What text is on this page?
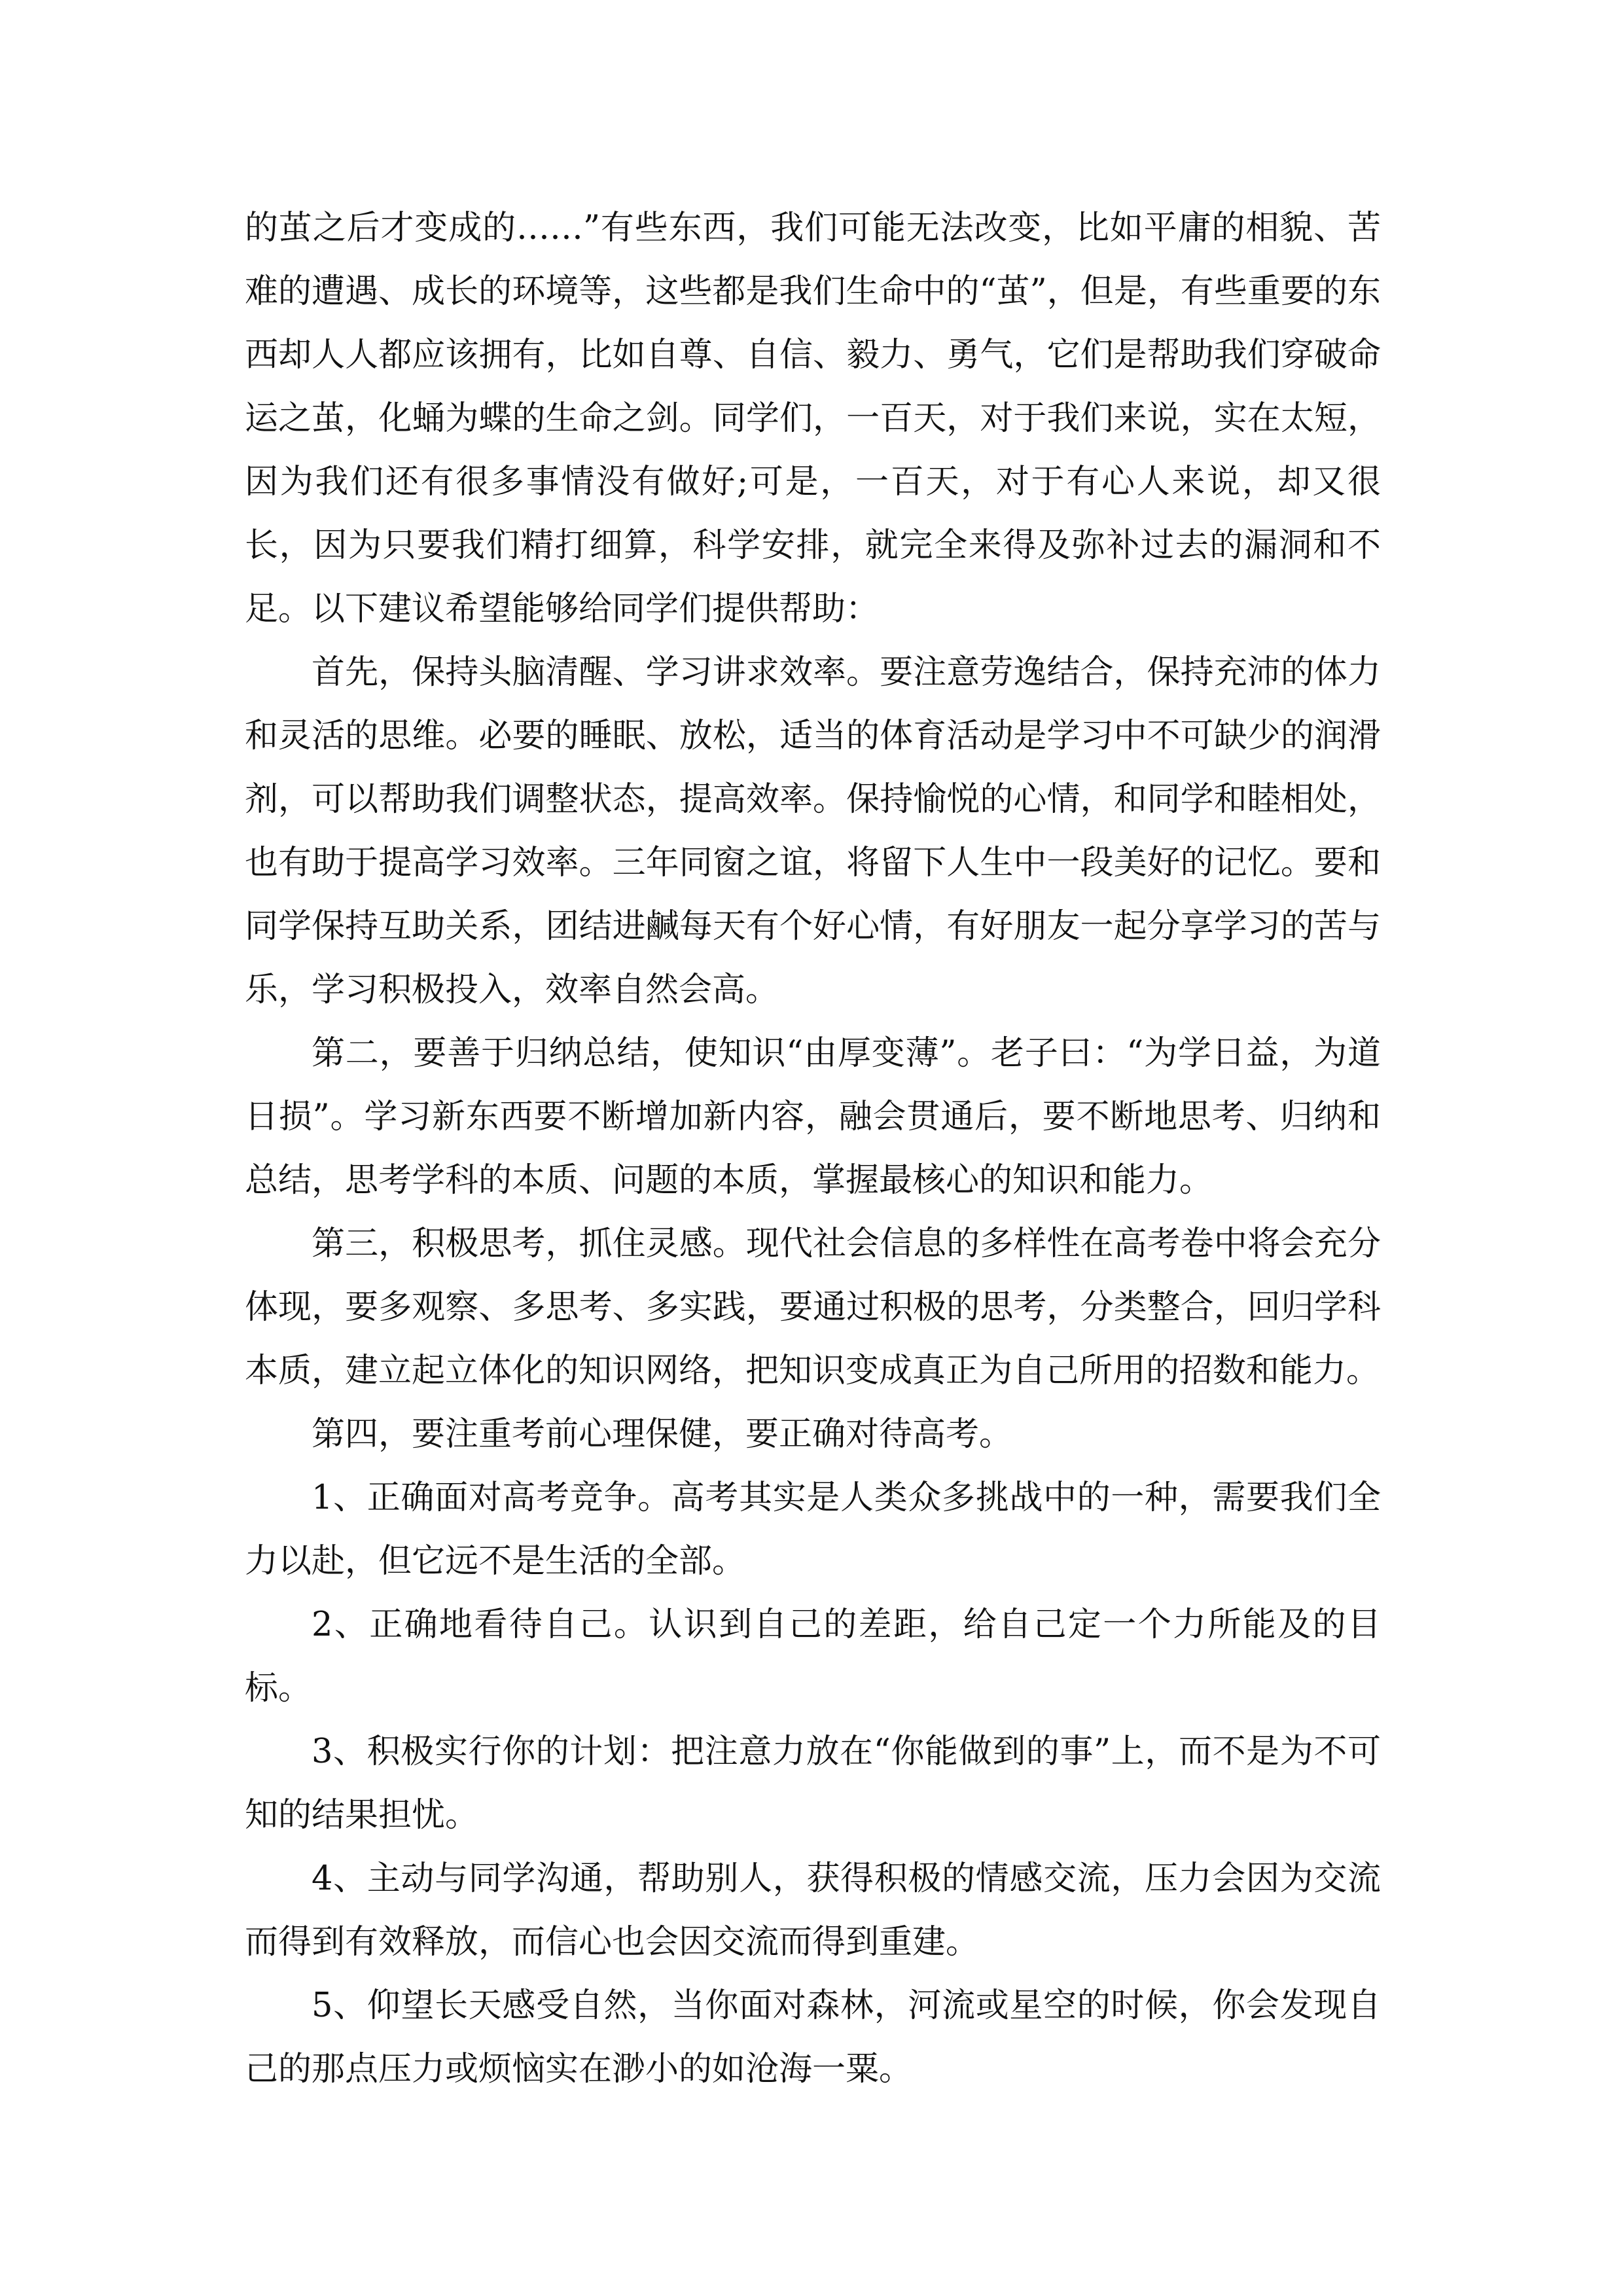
的茧之后才变成的……”有些东西，我们可能无法改变，比如平庸的相貌、苦难的遭遇、成长的环境等，这些都是我们生命中的“茧”，但是，有些重要的东西却人人都应该拥有，比如自尊、自信、毅力、勇气，它们是帮助我们穿破命运之茧，化蛹为蝶的生命之剑。同学们，一百天，对于我们来说，实在太短，因为我们还有很多事情没有做好;可是，一百天，对于有心人来说，却又很长，因为只要我们精打细算，科学安排，就完全来得及弥补过去的漏洞和不足。以下建议希望能够给同学们提供帮助：

首先，保持头脑清醒、学习讲求效率。要注意劳逸结合，保持充沛的体力和灵活的思维。必要的睡眠、放松，适当的体育活动是学习中不可缺少的润滑剂，可以帮助我们调整状态，提高效率。保持愉悦的心情，和同学和睦相处，也有助于提高学习效率。三年同窗之谊，将留下人生中一段美好的记忆。要和同学保持互助关系，团结进鹹每天有个好心情，有好朋友一起分享学习的苦与乐，学习积极投入，效率自然会高。

第二，要善于归纳总结，使知识“由厚变薄”。老子曰：“为学日益，为道日损”。学习新东西要不断增加新内容，融会贯通后，要不断地思考、归纳和总结，思考学科的本质、问题的本质，掌握最核心的知识和能力。

第三，积极思考，抓住灵感。现代社会信息的多样性在高考卷中将会充分体现，要多观察、多思考、多实践，要通过积极的思考，分类整合，回归学科本质，建立起立体化的知识网络，把知识变成真正为自己所用的招数和能力。

第四，要注重考前心理保健，要正确对待高考。

1、正确面对高考竞争。高考其实是人类众多挑战中的一种，需要我们全力以赴，但它远不是生活的全部。

2、正确地看待自己。认识到自己的差距，给自己定一个力所能及的目标。

3、积极实行你的计划：把注意力放在“你能做到的事”上，而不是为不可知的结果担忧。

4、主动与同学沟通，帮助别人，获得积极的情感交流，压力会因为交流而得到有效释放，而信心也会因交流而得到重建。

5、仰望长天感受自然，当你面对森林，河流或星空的时候，你会发现自己的那点压力或烦恼实在渺小的如沧海一粟。
